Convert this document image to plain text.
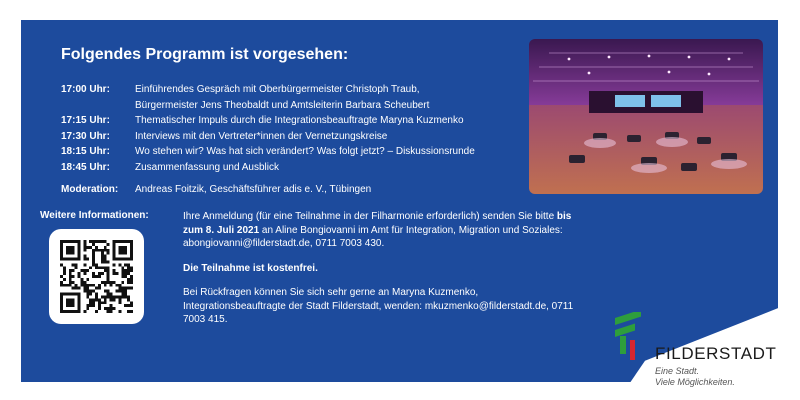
Folgendes Programm ist vorgesehen:
17:00 Uhr:	Einführendes Gespräch mit Oberbürgermeister Christoph Traub,
Bürgermeister Jens Theobaldt und Amtsleiterin Barbara Scheubert
17:15 Uhr:	Thematischer Impuls durch die Integrationsbeauftragte Maryna Kuzmenko
17:30 Uhr:	Interviews mit den Vertreter*innen der Vernetzungskreise
18:15 Uhr:	Wo stehen wir? Was hat sich verändert? Was folgt jetzt? – Diskussionsrunde
18:45 Uhr:	Zusammenfassung und Ausblick
Moderation:	Andreas Foitzik, Geschäftsführer adis e. V., Tübingen
Weitere Informationen:	Ihre Anmeldung (für eine Teilnahme in der Filharmonie erforderlich) senden Sie bitte bis zum 8. Juli 2021 an Aline Bongiovanni im Amt für Integration, Migration und Soziales: abongiovanni@filderstadt.de, 0711 7003 430.

Die Teilnahme ist kostenfrei.

Bei Rückfragen können Sie sich sehr gerne an Maryna Kuzmenko, Integrationsbeauftragte der Stadt Filderstadt, wenden: mkuzmenko@filderstadt.de, 0711 7003 415.

FILDERSTADT
Eine Stadt.
Viele Möglichkeiten.
